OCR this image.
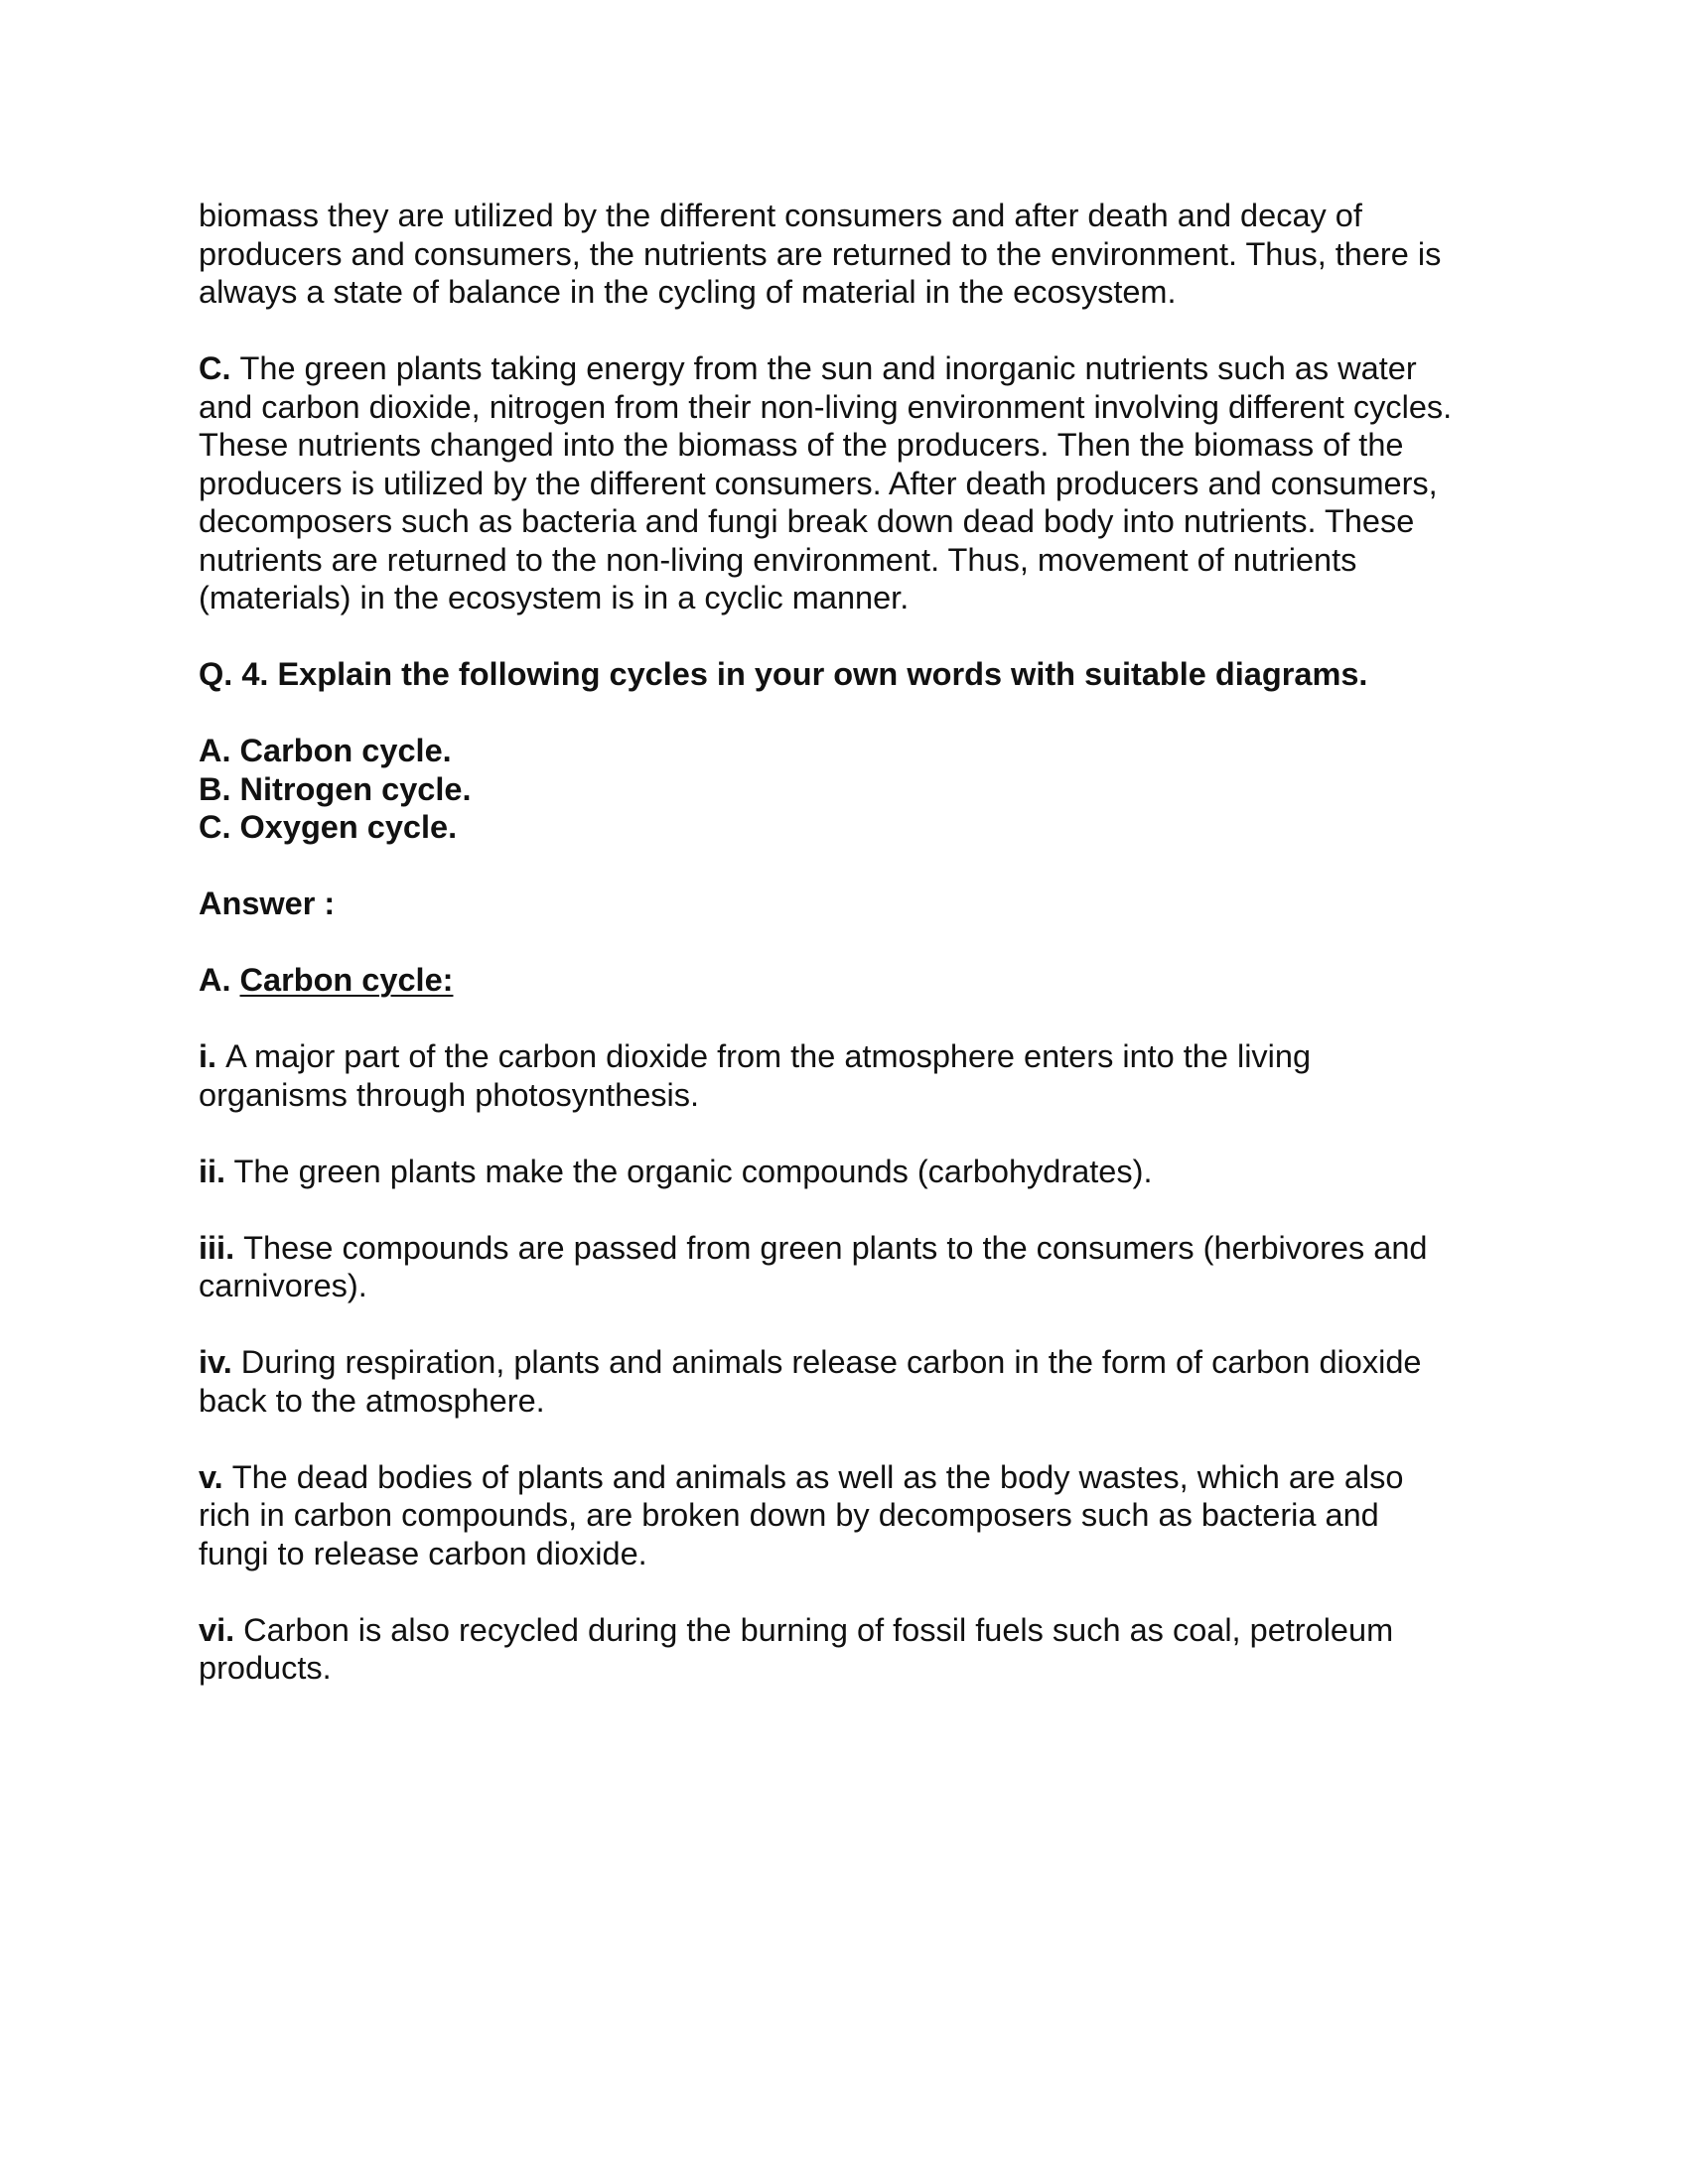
biomass they are utilized by the different consumers and after death and decay of
producers and consumers, the nutrients are returned to the environment. Thus, there is
always a state of balance in the cycling of material in the ecosystem.

C. The green plants taking energy from the sun and inorganic nutrients such as water
and carbon dioxide, nitrogen from their non-living environment involving different cycles.
These nutrients changed into the biomass of the producers. Then the biomass of the
producers is utilized by the different consumers. After death producers and consumers,
decomposers such as bacteria and fungi break down dead body into nutrients. These
nutrients are returned to the non-living environment. Thus, movement of nutrients
(materials) in the ecosystem is in a cyclic manner.

Q. 4. Explain the following cycles in your own words with suitable diagrams.

A. Carbon cycle.

B. Nitrogen cycle.

C. Oxygen cycle.

Answer :

A. Carbon cycle:

i. A major part of the carbon dioxide from the atmosphere enters into the living
organisms through photosynthesis.

ii. The green plants make the organic compounds (carbohydrates).

iii. These compounds are passed from green plants to the consumers (herbivores and
carnivores).

iv. During respiration, plants and animals release carbon in the form of carbon dioxide
back to the atmosphere.

v. The dead bodies of plants and animals as well as the body wastes, which are also
rich in carbon compounds, are broken down by decomposers such as bacteria and
fungi to release carbon dioxide.

vi. Carbon is also recycled during the burning of fossil fuels such as coal, petroleum
products.
